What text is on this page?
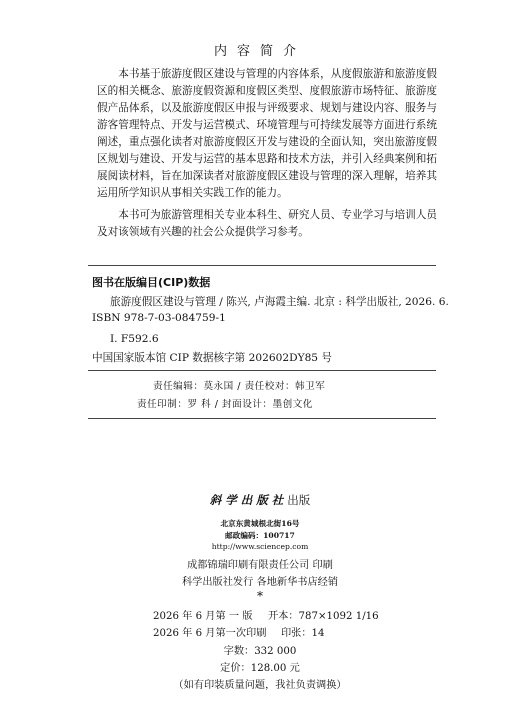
内容简介

本书基于旅游度假区建设与管理的内容体系，从度假旅游和旅游度假区的相关概念、旅游度假资源和度假区类型、度假旅游市场特征、旅游度假产品体系，以及旅游度假区申报与评级要求、规划与建设内容、服务与游客管理特点、开发与运营模式、环境管理与可持续发展等方面进行系统阐述，重点强化读者对旅游度假区开发与建设的全面认知，突出旅游度假区规划与建设、开发与运营的基本思路和技术方法，并引入经典案例和拓展阅读材料，旨在加深读者对旅游度假区建设与管理的深入理解，培养其运用所学知识从事相关实践工作的能力。

本书可为旅游管理相关专业本科生、研究人员、专业学习与培训人员及对该领域有兴趣的社会公众提供学习参考。

图书在版编目(CIP)数据
旅游度假区建设与管理 / 陈兴, 卢海霞主编. 北京 : 科学出版社, 2026. 6.
ISBN 978-7-03-084759-1
Ⅰ. F592.6
中国国家版本馆 CIP 数据核字第 202602DY85 号
责任编辑：莫永国 / 责任校对：韩卫军
责任印制：罗 科 / 封面设计：墨创文化
斜学出版社出版
北京东黄城根北街16号
邮政编码：100717
http://www.sciencep.com
成都锦瑞印刷有限责任公司 印刷
科学出版社发行 各地新华书店经销
*
2026 年 6 月第 一 版 开本：787×1092 1/16
2026 年 6 月第一次印刷 印张：14
字数：332 000
定价：128.00 元
（如有印装质量问题，我社负责调换）
